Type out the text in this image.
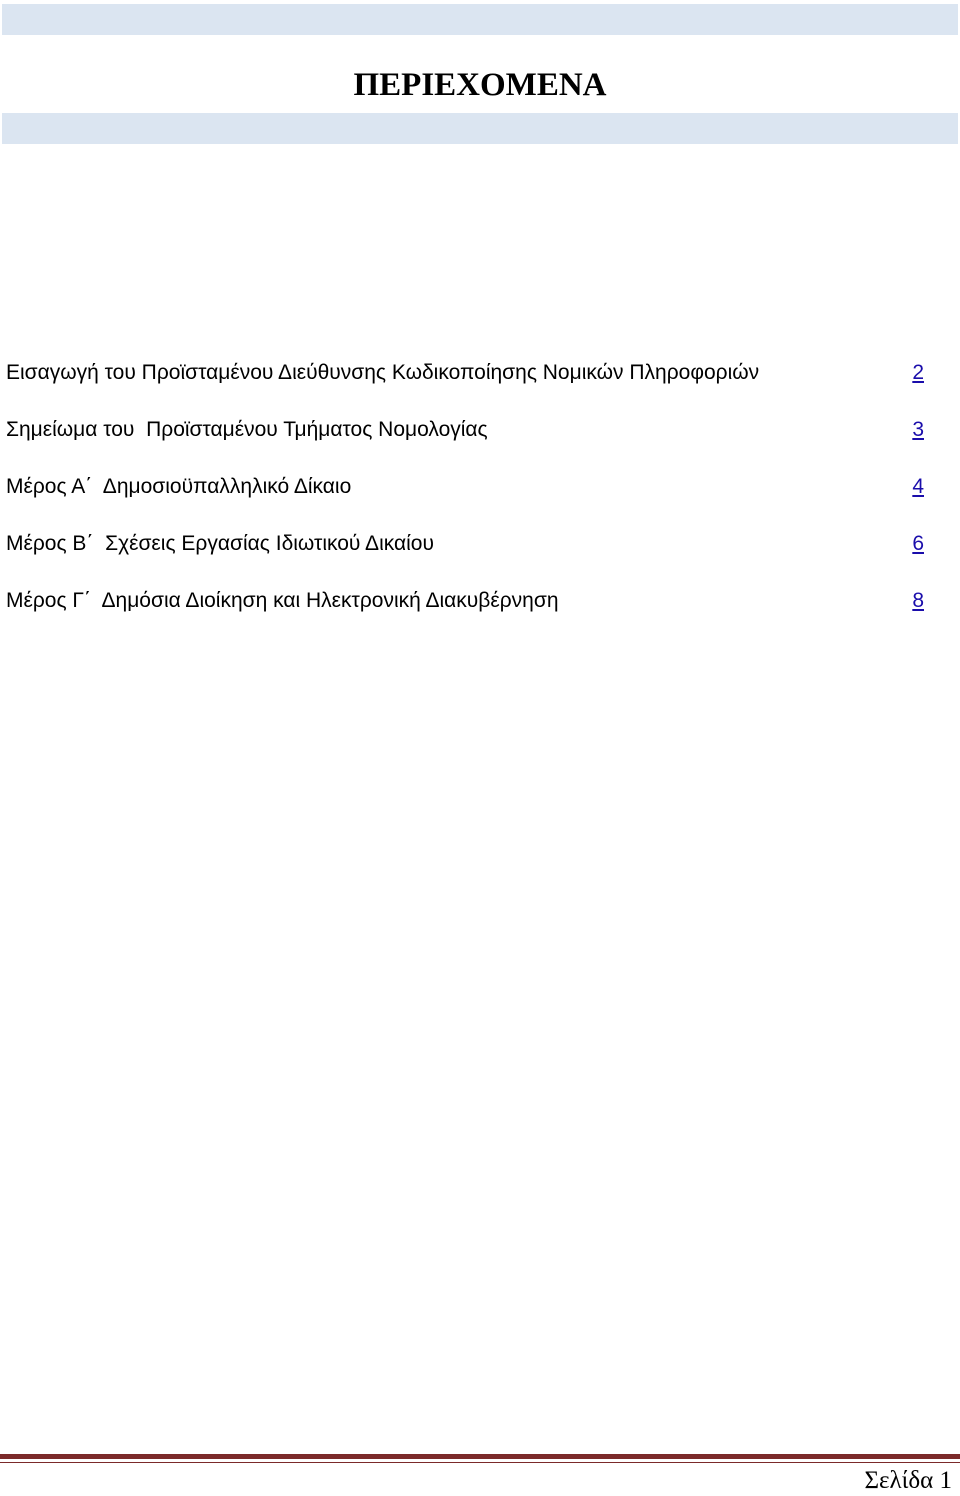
ΠΕΡΙΕΧΟΜΕΝΑ
Εισαγωγή του Προϊσταμένου Διεύθυνσης Κωδικοποίησης Νομικών Πληροφοριών	2
Σημείωμα του  Προϊσταμένου Τμήματος Νομολογίας	3
Μέρος Α΄  Δημοσιοϋπαλληλικό Δίκαιο	4
Μέρος Β΄  Σχέσεις Εργασίας Ιδιωτικού Δικαίου	6
Μέρος Γ΄  Δημόσια Διοίκηση και Ηλεκτρονική Διακυβέρνηση	8
Σελίδα 1
